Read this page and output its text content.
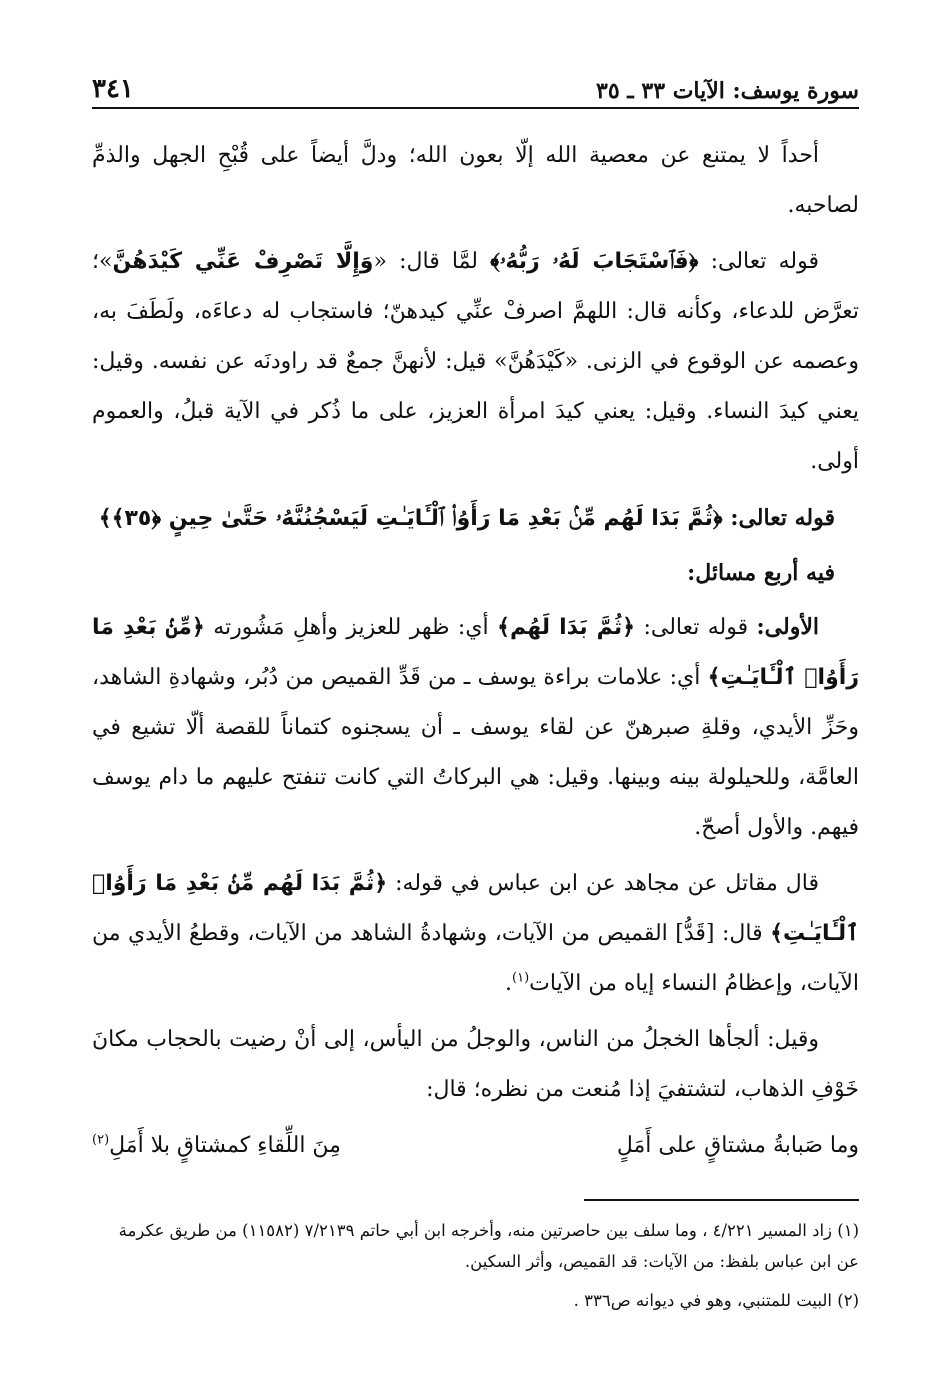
سورة يوسف: الآيات ٣٣ ـ ٣٥
٣٤١

أحداً لا يمتنع عن معصية الله إلّا بعون الله؛ ودلَّ أيضاً على قُبْحِ الجهل والذمِّ لصاحبه.

قوله تعالى: ﴿فَٱسْتَجَابَ لَهُۥ رَبُّهُۥ﴾ لمَّا قال: «وَإِلَّا تَصْرِفْ عَنِّي كَيْدَهُنَّ»؛ تعرَّض للدعاء، وكأنه قال: اللهمَّ اصرفْ عنِّي كيدهنّ؛ فاستجاب له دعاءَه، ولَطَفَ به، وعصمه عن الوقوع في الزنى. «كَيْدَهُنَّ» قيل: لأنهنَّ جمعٌ قد راودنَه عن نفسه. وقيل: يعني كيدَ النساء. وقيل: يعني كيدَ امرأة العزيز، على ما ذُكر في الآية قبلُ، والعموم أولى.

قوله تعالى: ﴿ثُمَّ بَدَا لَهُم مِّنۢ بَعْدِ مَا رَأَوُا۟ ٱلْـَٔايَـٰتِ لَيَسْجُنُنَّهُۥ حَتَّىٰ حِينٍ ﴿٣٥﴾﴾

فيه أربع مسائل:

الأولى: قوله تعالى: ﴿ثُمَّ بَدَا لَهُم﴾ أي: ظهر للعزيز وأهلِ مَشُورته ﴿مِّنۢ بَعْدِ مَا رَأَوُا۟ ٱلْـَٔايَـٰتِ﴾ أي: علامات براءة يوسف ـ من قَدِّ القميص من دُبُر، وشهادةِ الشاهد، وحَزِّ الأيدي، وقلةِ صبرهنّ عن لقاء يوسف ـ أن يسجنوه كتماناً للقصة ألّا تشيع في العامَّة، وللحيلولة بينه وبينها. وقيل: هي البركاتُ التي كانت تنفتح عليهم ما دام يوسف فيهم. والأول أصحّ.

قال مقاتل عن مجاهد عن ابن عباس في قوله: ﴿ثُمَّ بَدَا لَهُم مِّنۢ بَعْدِ مَا رَأَوُا۟ ٱلْـَٔايَـٰتِ﴾ قال: [قَدُّ] القميص من الآيات، وشهادةُ الشاهد من الآيات، وقطعُ الأيدي من الآيات، وإعظامُ النساء إياه من الآيات$^{(١)}$.

وقيل: ألجأها الخجلُ من الناس، والوجلُ من اليأس، إلى أنْ رضيت بالحجاب مكانَ خَوْفِ الذهاب، لتشتفيَ إذا مُنعت من نظره؛ قال:

وما صَبابةُ مشتاقٍ على أَمَلٍ
مِنَ اللِّقاءِ كمشتاقٍ بلا أَمَلِ$^{(٢)}$

(١) زاد المسير ٤/٢٢١ ، وما سلف بين حاصرتين منه، وأخرجه ابن أبي حاتم ٧/٢١٣٩ (١١٥٨٢) من طريق عكرمة عن ابن عباس بلفظ: من الآيات: قد القميص، وأثر السكين.

(٢) البيت للمتنبي، وهو في ديوانه ص٣٣٦ .
